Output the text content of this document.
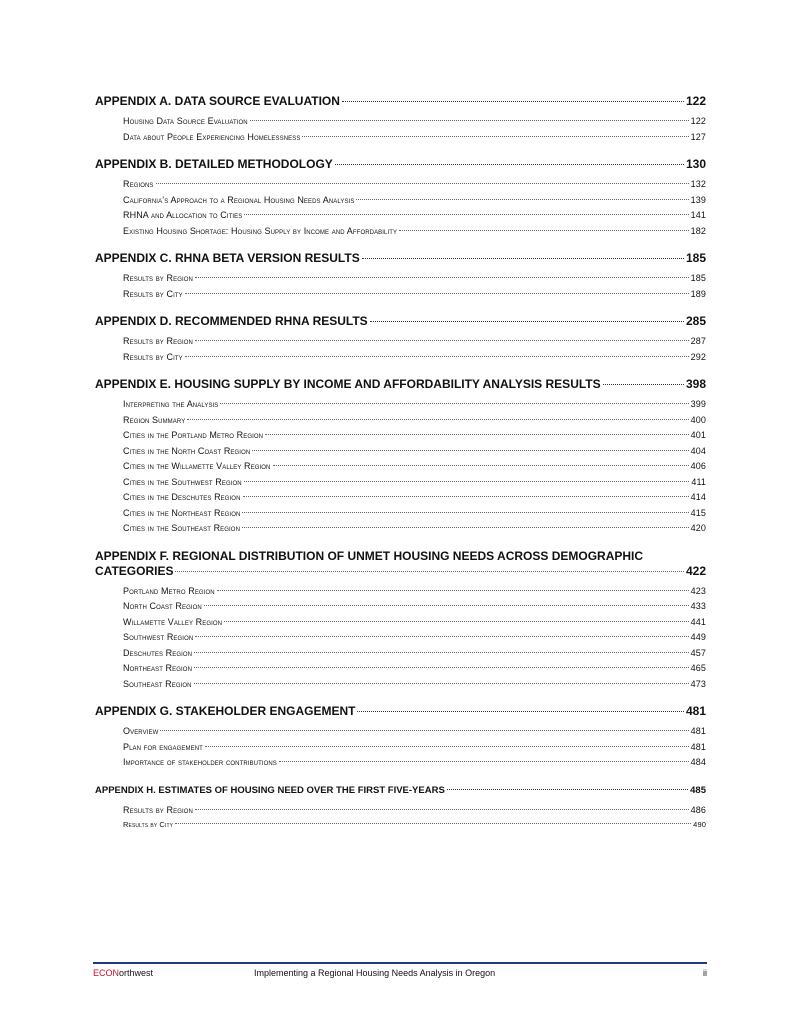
APPENDIX A. DATA SOURCE EVALUATION	122
Housing Data Source Evaluation	122
Data about People Experiencing Homelessness	127
APPENDIX B. DETAILED METHODOLOGY	130
Regions	132
California’s Approach to a Regional Housing Needs Analysis	139
RHNA and Allocation to Cities	141
Existing Housing Shortage: Housing Supply by Income and Affordability	182
APPENDIX C. RHNA BETA VERSION RESULTS	185
Results by Region	185
Results by City	189
APPENDIX D. RECOMMENDED RHNA RESULTS	285
Results by Region	287
Results by City	292
APPENDIX E. HOUSING SUPPLY BY INCOME AND AFFORDABILITY ANALYSIS RESULTS	398
Interpreting the Analysis	399
Region Summary	400
Cities in the Portland Metro Region	401
Cities in the North Coast Region	404
Cities in the Willamette Valley Region	406
Cities in the Southwest Region	411
Cities in the Deschutes Region	414
Cities in the Northeast Region	415
Cities in the Southeast Region	420
APPENDIX F. REGIONAL DISTRIBUTION OF UNMET HOUSING NEEDS ACROSS DEMOGRAPHIC
CATEGORIES	422
Portland Metro Region	423
North Coast Region	433
Willamette Valley Region	441
Southwest Region	449
Deschutes Region	457
Northeast Region	465
Southeast Region	473
APPENDIX G. STAKEHOLDER ENGAGEMENT	481
Overview	481
Plan for engagement	481
Importance of stakeholder contributions	484
APPENDIX H. ESTIMATES OF HOUSING NEED OVER THE FIRST FIVE-YEARS	485
Results by Region	486
Results by City	490
ECONorthwest	Implementing a Regional Housing Needs Analysis in Oregon	ii
